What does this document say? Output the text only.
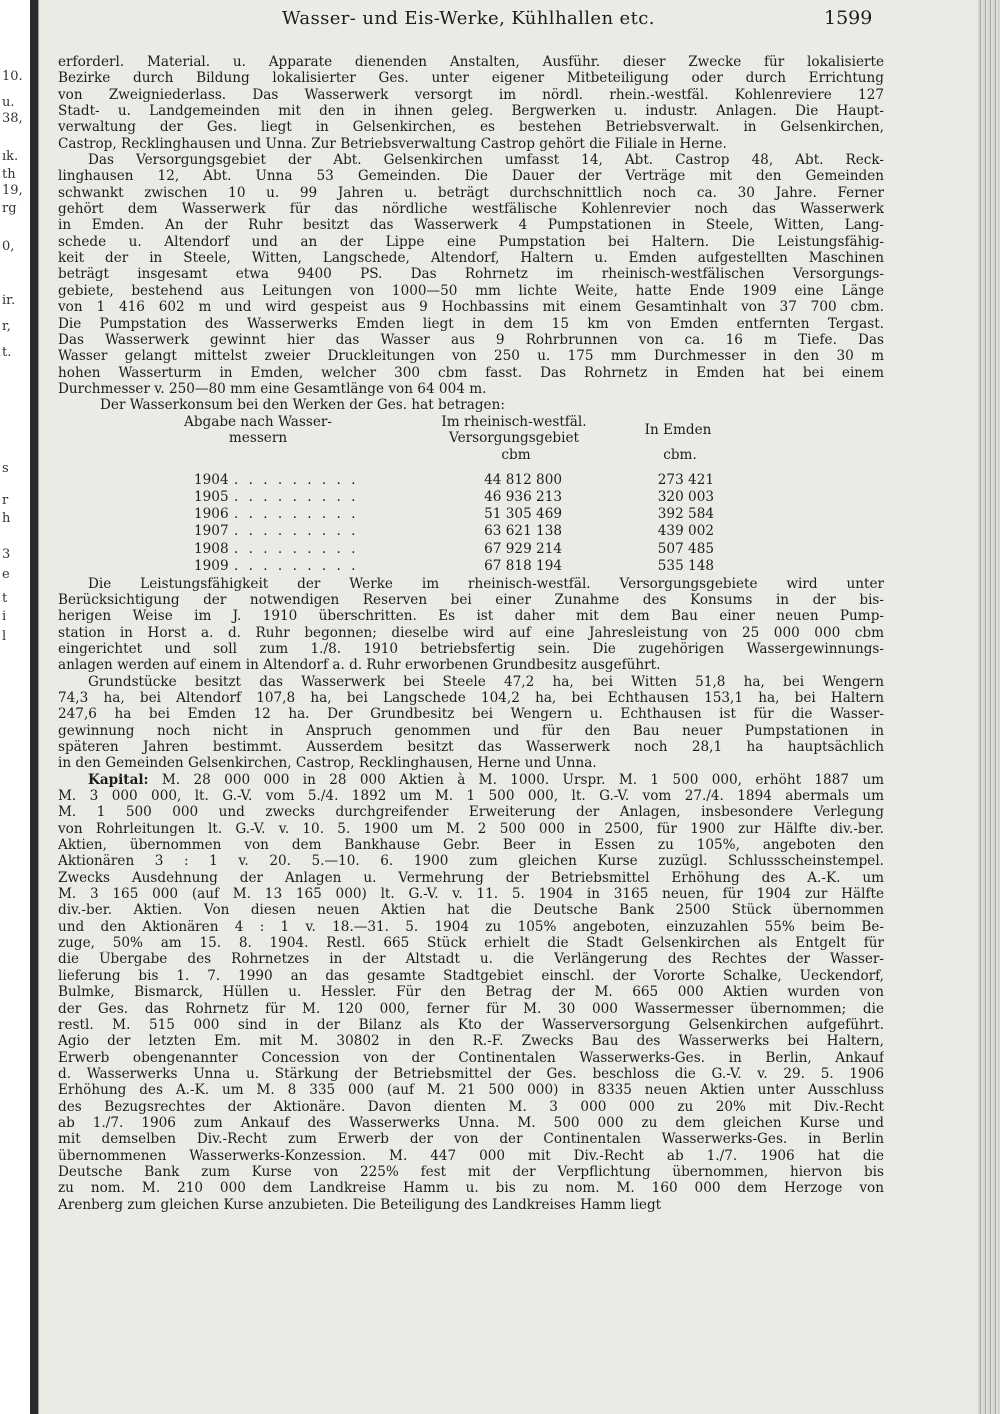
10.
u.
38,
ık.
th
19,
rg
0,
ir.
r,
t.
s
r
h
3
e
t
i
l
Wasser- und Eis-Werke, Kühlhallen etc.	1599
erforderl. Material. u. Apparate dienenden Anstalten, Ausführ. dieser Zwecke für lokalisierte
Bezirke durch Bildung lokalisierter Ges. unter eigener Mitbeteiligung oder durch Errichtung
von Zweigniederlass. Das Wasserwerk versorgt im nördl. rhein.-westfäl. Kohlenreviere 127
Stadt- u. Landgemeinden mit den in ihnen geleg. Bergwerken u. industr. Anlagen. Die Haupt-
verwaltung der Ges. liegt in Gelsenkirchen, es bestehen Betriebsverwalt. in Gelsenkirchen,
Castrop, Recklinghausen und Unna. Zur Betriebsverwaltung Castrop gehört die Filiale in Herne.
Das Versorgungsgebiet der Abt. Gelsenkirchen umfasst 14, Abt. Castrop 48, Abt. Reck-
linghausen 12, Abt. Unna 53 Gemeinden. Die Dauer der Verträge mit den Gemeinden
schwankt zwischen 10 u. 99 Jahren u. beträgt durchschnittlich noch ca. 30 Jahre. Ferner
gehört dem Wasserwerk für das nördliche westfälische Kohlenrevier noch das Wasserwerk
in Emden. An der Ruhr besitzt das Wasserwerk 4 Pumpstationen in Steele, Witten, Lang-
schede u. Altendorf und an der Lippe eine Pumpstation bei Haltern. Die Leistungsfähig-
keit der in Steele, Witten, Langschede, Altendorf, Haltern u. Emden aufgestellten Maschinen
beträgt insgesamt etwa 9400 PS. Das Rohrnetz im rheinisch-westfälischen Versorgungs-
gebiete, bestehend aus Leitungen von 1000—50 mm lichte Weite, hatte Ende 1909 eine Länge
von 1 416 602 m und wird gespeist aus 9 Hochbassins mit einem Gesamtinhalt von 37 700 cbm.
Die Pumpstation des Wasserwerks Emden liegt in dem 15 km von Emden entfernten Tergast.
Das Wasserwerk gewinnt hier das Wasser aus 9 Rohrbrunnen von ca. 16 m Tiefe. Das
Wasser gelangt mittelst zweier Druckleitungen von 250 u. 175 mm Durchmesser in den 30 m
hohen Wasserturm in Emden, welcher 300 cbm fasst. Das Rohrnetz in Emden hat bei einem
Durchmesser v. 250—80 mm eine Gesamtlänge von 64 004 m.
Der Wasserkonsum bei den Werken der Ges. hat betragen:
Abgabe nach Wasser-
messern
Im rheinisch-westfäl.
Versorgungsgebiet	In Emden
cbm	cbm.
1904 . . . . . . . . .	44 812 800	273 421
1905 . . . . . . . . .	46 936 213	320 003
1906 . . . . . . . . .	51 305 469	392 584
1907 . . . . . . . . .	63 621 138	439 002
1908 . . . . . . . . .	67 929 214	507 485
1909 . . . . . . . . .	67 818 194	535 148
Die Leistungsfähigkeit der Werke im rheinisch-westfäl. Versorgungsgebiete wird unter
Berücksichtigung der notwendigen Reserven bei einer Zunahme des Konsums in der bis-
herigen Weise im J. 1910 überschritten. Es ist daher mit dem Bau einer neuen Pump-
station in Horst a. d. Ruhr begonnen; dieselbe wird auf eine Jahresleistung von 25 000 000 cbm
eingerichtet und soll zum 1./8. 1910 betriebsfertig sein. Die zugehörigen Wassergewinnungs-
anlagen werden auf einem in Altendorf a. d. Ruhr erworbenen Grundbesitz ausgeführt.
Grundstücke besitzt das Wasserwerk bei Steele 47,2 ha, bei Witten 51,8 ha, bei Wengern
74,3 ha, bei Altendorf 107,8 ha, bei Langschede 104,2 ha, bei Echthausen 153,1 ha, bei Haltern
247,6 ha bei Emden 12 ha. Der Grundbesitz bei Wengern u. Echthausen ist für die Wasser-
gewinnung noch nicht in Anspruch genommen und für den Bau neuer Pumpstationen in
späteren Jahren bestimmt. Ausserdem besitzt das Wasserwerk noch 28,1 ha hauptsächlich
in den Gemeinden Gelsenkirchen, Castrop, Recklinghausen, Herne und Unna.
Kapital: M. 28 000 000 in 28 000 Aktien à M. 1000. Urspr. M. 1 500 000, erhöht 1887 um
M. 3 000 000, lt. G.-V. vom 5./4. 1892 um M. 1 500 000, lt. G.-V. vom 27./4. 1894 abermals um
M. 1 500 000 und zwecks durchgreifender Erweiterung der Anlagen, insbesondere Verlegung
von Rohrleitungen lt. G.-V. v. 10. 5. 1900 um M. 2 500 000 in 2500, für 1900 zur Hälfte div.-ber.
Aktien, übernommen von dem Bankhause Gebr. Beer in Essen zu 105%, angeboten den
Aktionären 3 : 1 v. 20. 5.—10. 6. 1900 zum gleichen Kurse zuzügl. Schlussscheinstempel.
Zwecks Ausdehnung der Anlagen u. Vermehrung der Betriebsmittel Erhöhung des A.-K. um
M. 3 165 000 (auf M. 13 165 000) lt. G.-V. v. 11. 5. 1904 in 3165 neuen, für 1904 zur Hälfte
div.-ber. Aktien. Von diesen neuen Aktien hat die Deutsche Bank 2500 Stück übernommen
und den Aktionären 4 : 1 v. 18.—31. 5. 1904 zu 105% angeboten, einzuzahlen 55% beim Be-
zuge, 50% am 15. 8. 1904. Restl. 665 Stück erhielt die Stadt Gelsenkirchen als Entgelt für
die Übergabe des Rohrnetzes in der Altstadt u. die Verlängerung des Rechtes der Wasser-
lieferung bis 1. 7. 1990 an das gesamte Stadtgebiet einschl. der Vororte Schalke, Ueckendorf,
Bulmke, Bismarck, Hüllen u. Hessler. Für den Betrag der M. 665 000 Aktien wurden von
der Ges. das Rohrnetz für M. 120 000, ferner für M. 30 000 Wassermesser übernommen; die
restl. M. 515 000 sind in der Bilanz als Kto der Wasserversorgung Gelsenkirchen aufgeführt.
Agio der letzten Em. mit M. 30802 in den R.-F. Zwecks Bau des Wasserwerks bei Haltern,
Erwerb obengenannter Concession von der Continentalen Wasserwerks-Ges. in Berlin, Ankauf
d. Wasserwerks Unna u. Stärkung der Betriebsmittel der Ges. beschloss die G.-V. v. 29. 5. 1906
Erhöhung des A.-K. um M. 8 335 000 (auf M. 21 500 000) in 8335 neuen Aktien unter Ausschluss
des Bezugsrechtes der Aktionäre. Davon dienten M. 3 000 000 zu 20% mit Div.-Recht
ab 1./7. 1906 zum Ankauf des Wasserwerks Unna. M. 500 000 zu dem gleichen Kurse und
mit demselben Div.-Recht zum Erwerb der von der Continentalen Wasserwerks-Ges. in Berlin
übernommenen Wasserwerks-Konzession. M. 447 000 mit Div.-Recht ab 1./7. 1906 hat die
Deutsche Bank zum Kurse von 225% fest mit der Verpflichtung übernommen, hiervon bis
zu nom. M. 210 000 dem Landkreise Hamm u. bis zu nom. M. 160 000 dem Herzoge von
Arenberg zum gleichen Kurse anzubieten. Die Beteiligung des Landkreises Hamm liegt
